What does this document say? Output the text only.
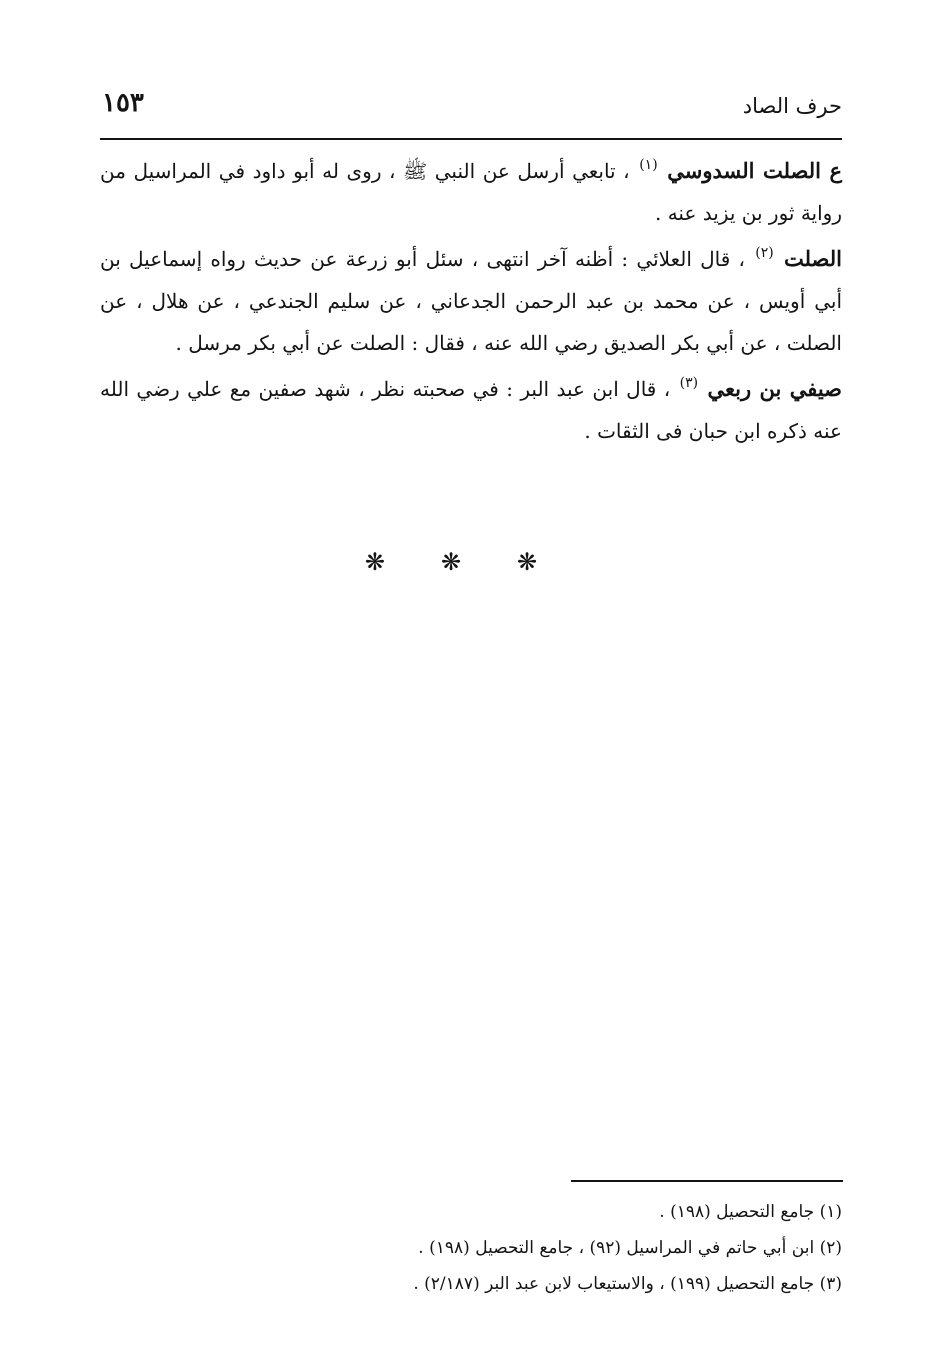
١٥٣	حرف الصاد

ع الصلت السدوسي $^{(١)}$ ، تابعي أرسل عن النبي ﷺ ، روى له أبو داود في المراسيل من رواية ثور بن يزيد عنه .

الصلت $^{(٢)}$ ، قال العلائي : أظنه آخر انتهى ، سئل أبو زرعة عن حديث رواه إسماعيل بن أبي أويس ، عن محمد بن عبد الرحمن الجدعاني ، عن سليم الجندعي ، عن هلال ، عن الصلت ، عن أبي بكر الصديق رضي الله عنه ، فقال : الصلت عن أبي بكر مرسل .

صيفي بن ربعي $^{(٣)}$ ، قال ابن عبد البر : في صحبته نظر ، شهد صفين مع علي رضي الله عنه ذكره ابن حبان فى الثقات .

❋ ❋ ❋

(١) جامع التحصيل (١٩٨) .

(٢) ابن أبي حاتم في المراسيل (٩٢) ، جامع التحصيل (١٩٨) .

(٣) جامع التحصيل (١٩٩) ، والاستيعاب لابن عبد البر (٢/١٨٧) .
